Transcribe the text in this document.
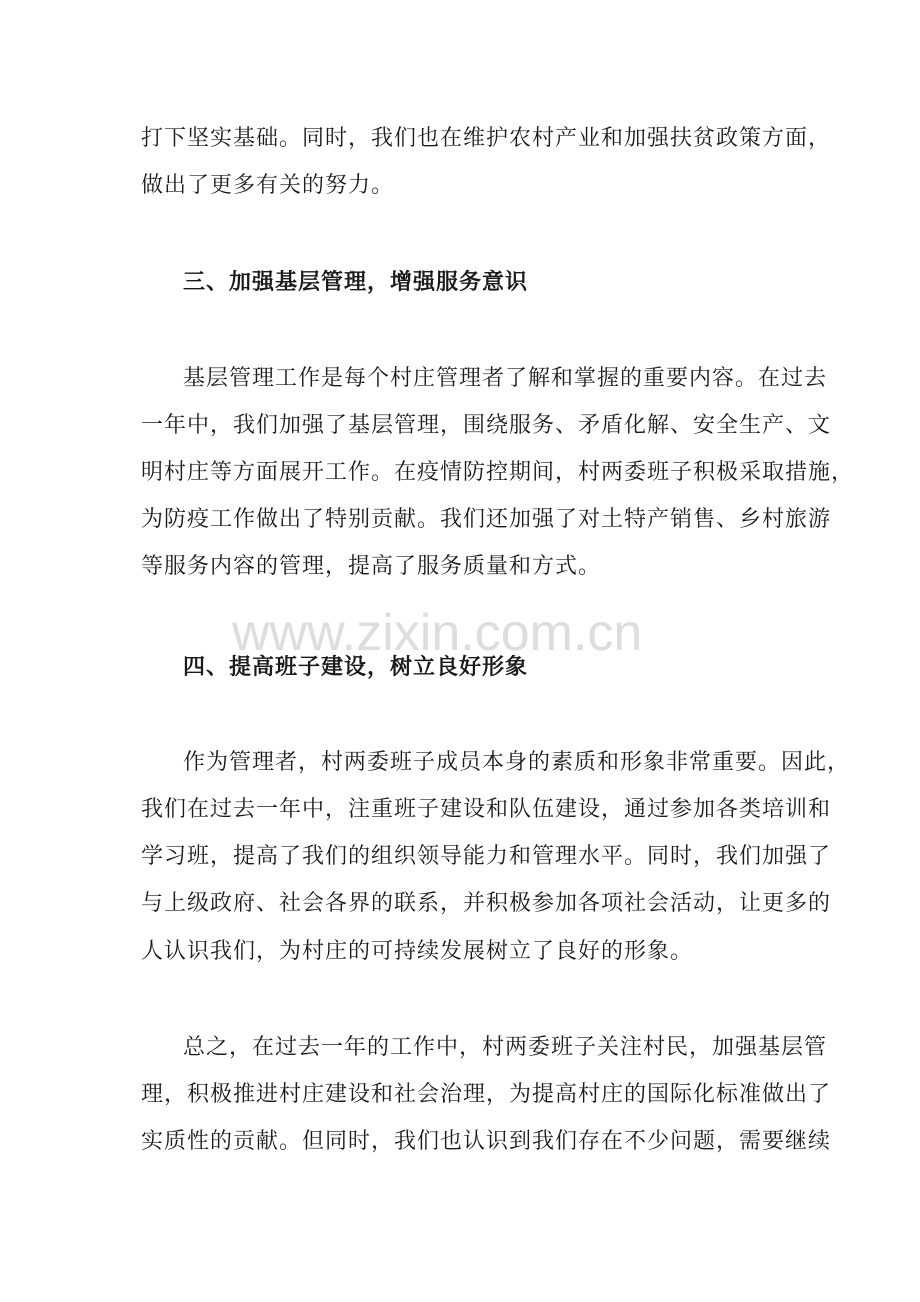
打下坚实基础。同时，我们也在维护农村产业和加强扶贫政策方面，
做出了更多有关的努力。
三、加强基层管理，增强服务意识
基层管理工作是每个村庄管理者了解和掌握的重要内容。在过去
一年中，我们加强了基层管理，围绕服务、矛盾化解、安全生产、文
明村庄等方面展开工作。在疫情防控期间，村两委班子积极采取措施，
为防疫工作做出了特别贡献。我们还加强了对土特产销售、乡村旅游
等服务内容的管理，提高了服务质量和方式。
www.zixin.com.cn
四、提高班子建设，树立良好形象
作为管理者，村两委班子成员本身的素质和形象非常重要。因此，
我们在过去一年中，注重班子建设和队伍建设，通过参加各类培训和
学习班，提高了我们的组织领导能力和管理水平。同时，我们加强了
与上级政府、社会各界的联系，并积极参加各项社会活动，让更多的
人认识我们，为村庄的可持续发展树立了良好的形象。
总之，在过去一年的工作中，村两委班子关注村民，加强基层管
理，积极推进村庄建设和社会治理，为提高村庄的国际化标准做出了
实质性的贡献。但同时，我们也认识到我们存在不少问题，需要继续
